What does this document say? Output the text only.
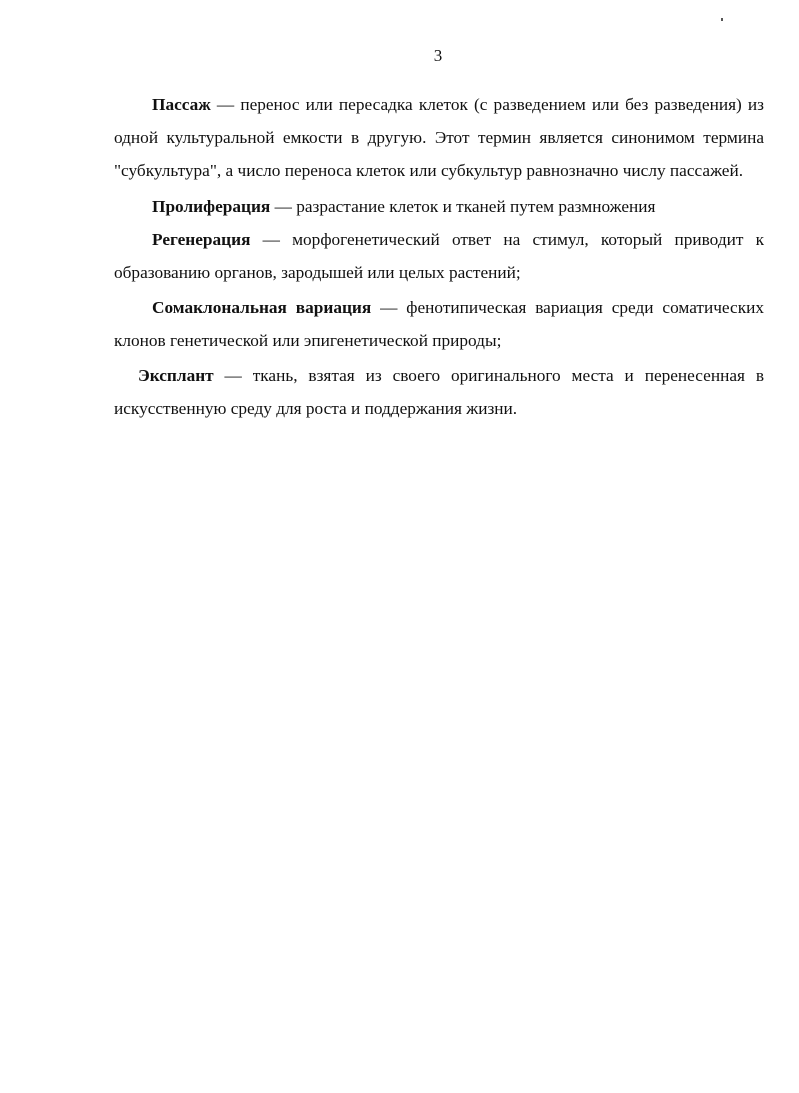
3

Пассаж — перенос или пересадка клеток (с разведением или без разведения) из одной культуральной емкости в другую. Этот термин является синонимом термина "субкультура", а число переноса клеток или субкультур равнозначно числу пассажей.

Пролиферация — разрастание клеток и тканей путем размножения

Регенерация — морфогенетический ответ на стимул, который приводит к образованию органов, зародышей или целых растений;

Сомаклональная вариация — фенотипическая вариация среди соматических клонов генетической или эпигенетической природы;

Эксплант — ткань, взятая из своего оригинального места и перенесенная в искусственную среду для роста и поддержания жизни.
